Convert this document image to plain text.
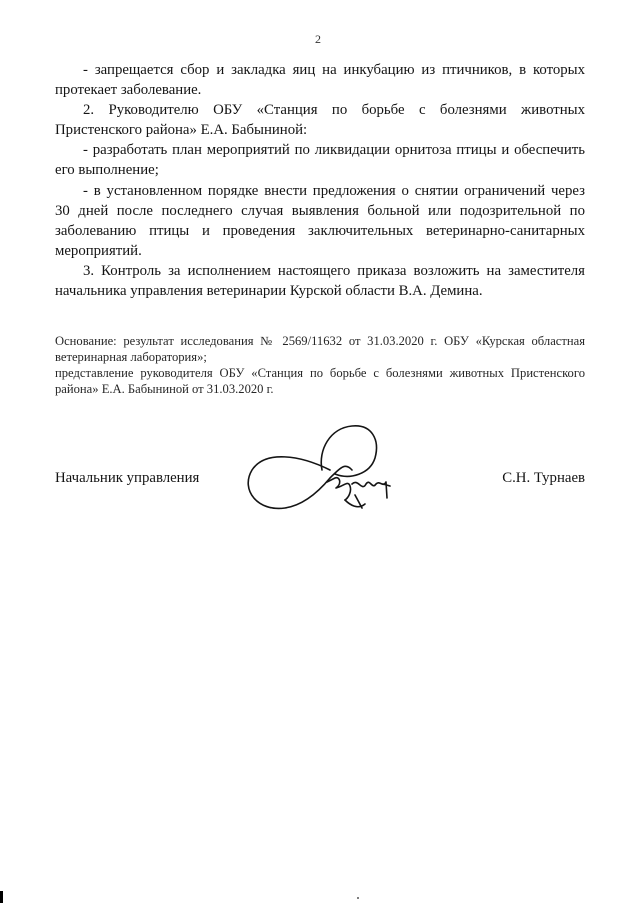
2
- запрещается сбор и закладка яиц на инкубацию из птичников, в которых
протекает заболевание.
2. Руководителю ОБУ «Станция по борьбе с болезнями животных
Пристенского района» Е.А. Бабыниной:
- разработать план мероприятий по ликвидации орнитоза птицы и обеспечить
его выполнение;
- в установленном порядке внести предложения о снятии ограничений через
30 дней после последнего случая выявления больной или подозрительной по
заболеванию птицы и проведения заключительных ветеринарно-санитарных
мероприятий.
3. Контроль за исполнением настоящего приказа возложить на заместителя
начальника управления ветеринарии Курской области В.А. Демина.
Основание: результат исследования № 2569/11632 от 31.03.2020 г. ОБУ «Курская областная
ветеринарная лаборатория»;
представление руководителя ОБУ «Станция по борьбе с болезнями животных Пристенского
района» Е.А. Бабыниной от 31.03.2020 г.
Начальник управления	С.Н. Турнаев
